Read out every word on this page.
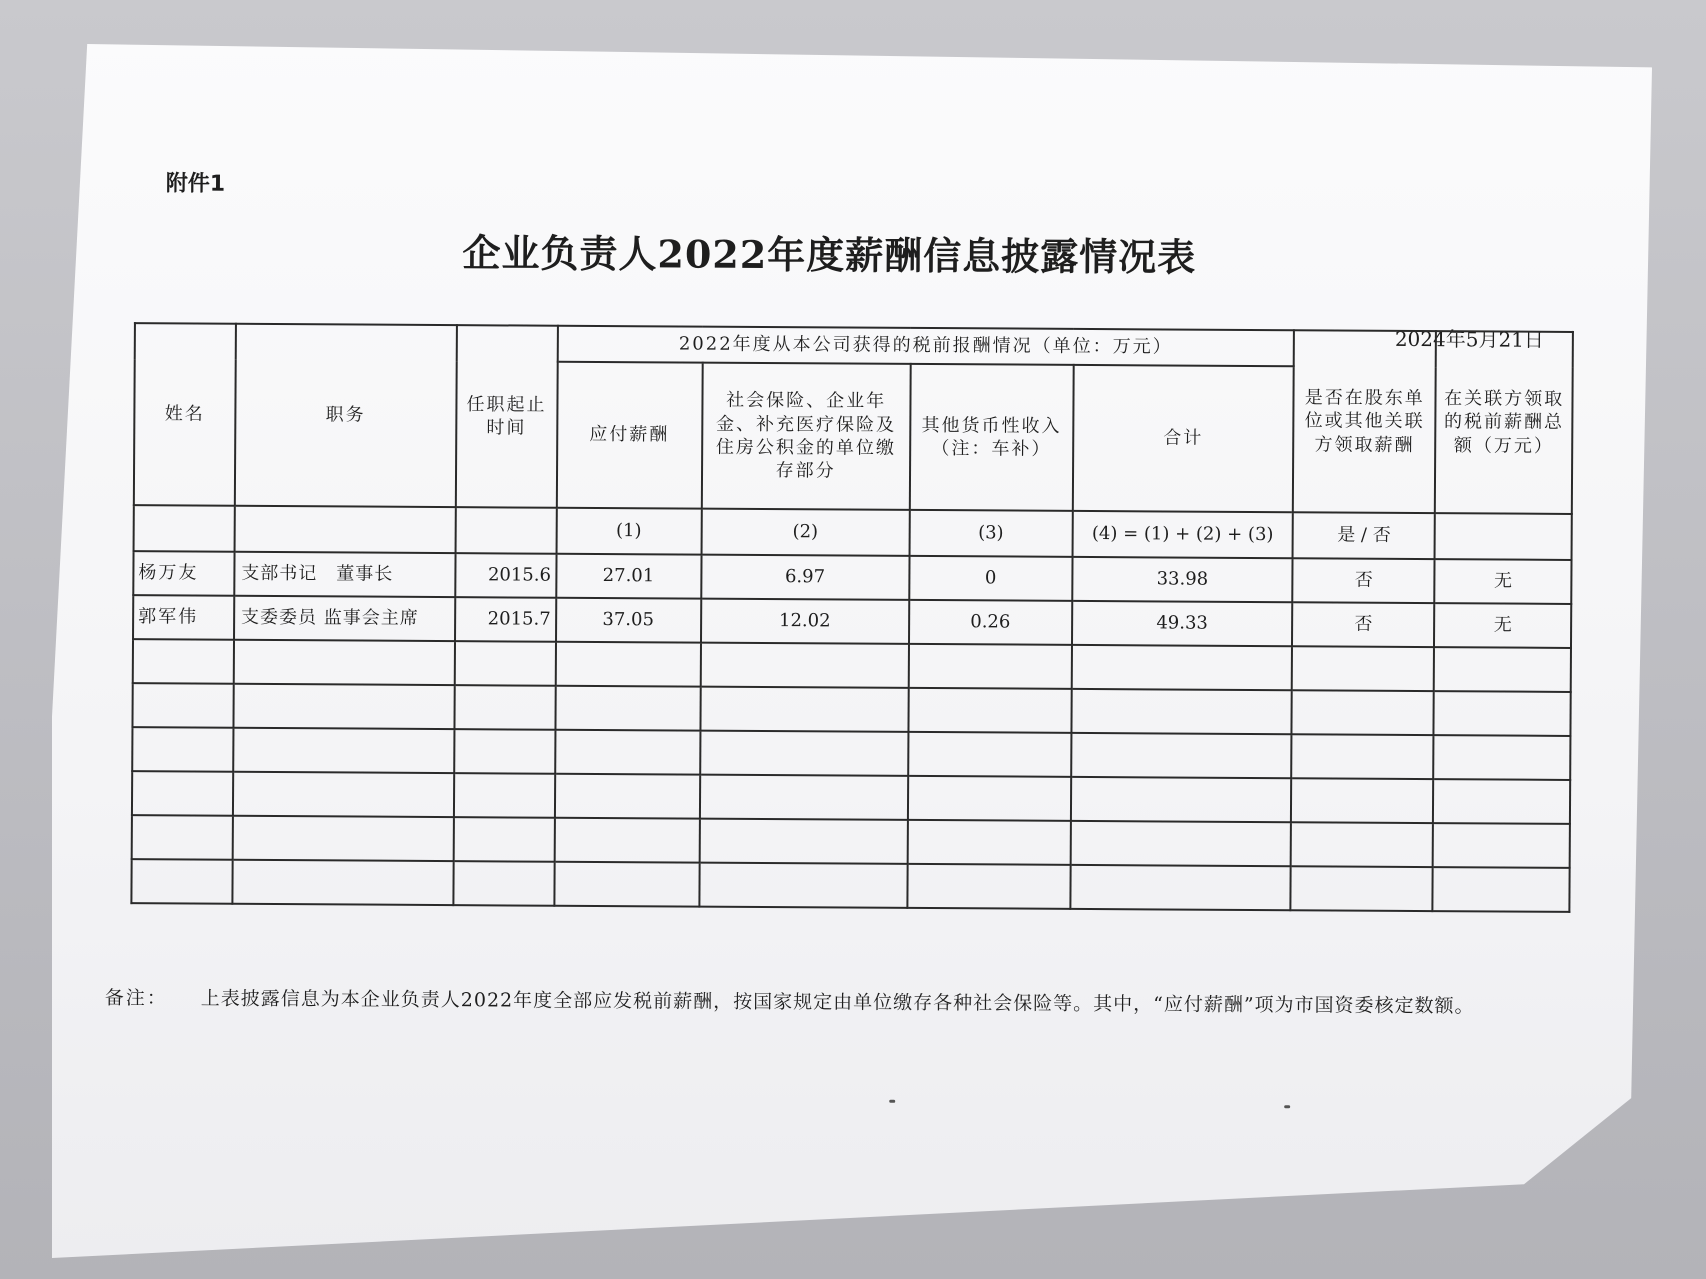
附件1
企业负责人2022年度薪酬信息披露情况表
2024年5月21日
姓名	职务	任职起止时间	2022年度从本公司获得的税前报酬情况（单位：万元）				是否在股东单位或其他关联方领取薪酬	在关联方领取的税前薪酬总额（万元）
			应付薪酬	社会保险、企业年金、补充医疗保险及住房公积金的单位缴存部分	其他货币性收入（注：车补）	合计		
			(1)	(2)	(3)	(4) = (1) + (2) + (3)	是 / 否	
杨万友	支部书记　董事长	2015.6	27.01	6.97	0	33.98	否	无
郭军伟	支委委员 监事会主席	2015.7	37.05	12.02	0.26	49.33	否	无

备注： 上表披露信息为本企业负责人2022年度全部应发税前薪酬，按国家规定由单位缴存各种社会保险等。其中，“应付薪酬”项为市国资委核定数额。
